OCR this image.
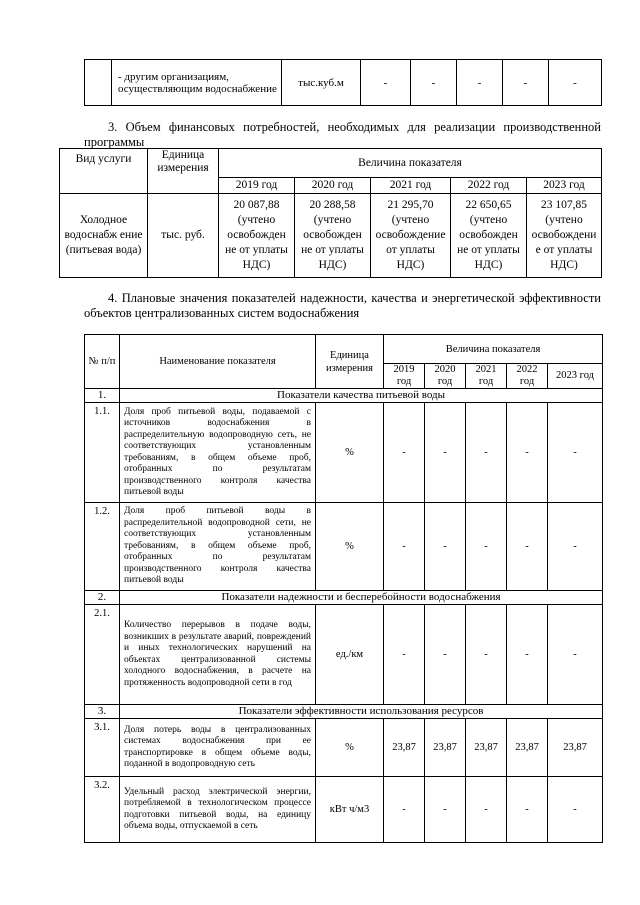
	- другим организациям, осуществляющим водоснабжение	тыс.куб.м	-	-	-	-	-
3. Объем финансовых потребностей, необходимых для реализации производственной программы
Вид услуги	Единица измерения	Величина показателя				
		2019 год	2020 год	2021 год	2022 год	2023 год
Холодное водоснабж ение (питьевая вода)	тыс. руб.	20 087,88 (учтено освобожден не от уплаты НДС)	20 288,58 (учтено освобожден не от уплаты НДС)	21 295,70 (учтено освобождение от уплаты НДС)	22 650,65 (учтено освобожден не от уплаты НДС)	23 107,85 (учтено освобождени е от уплаты НДС)
4. Плановые значения показателей надежности, качества и энергетической эффективности объектов централизованных систем водоснабжения
№ п/п	Наименование показателя	Единица измерения	Величина показателя				
			2019 год	2020 год	2021 год	2022 год	2023 год
1.	Показатели качества питьевой воды						
1.1.	Доля проб питьевой воды, подаваемой с источников водоснабжения в распределительную водопроводную сеть, не соответствующих установленным требованиям, в общем объеме проб, отобранных по результатам производственного контроля качества питьевой воды	%	-	-	-	-	-
1.2.	Доля проб питьевой воды в распределительной водопроводной сети, не соответствующих установленным требованиям, в общем объеме проб, отобранных по результатам производственного контроля качества питьевой воды	%	-	-	-	-	-
2.	Показатели надежности и бесперебойности водоснабжения						
2.1.	Количество перерывов в подаче воды, возникших в результате аварий, повреждений и иных технологических нарушений на объектах централизованной системы холодного водоснабжения, в расчете на протяженность водопроводной сети в год	ед./км	-	-	-	-	-
3.	Показатели эффективности использования ресурсов						
3.1.	Доля потерь воды в централизованных системах водоснабжения при ее транспортировке в общем объеме воды, поданной в водопроводную сеть	%	23,87	23,87	23,87	23,87	23,87
3.2.	Удельный расход электрической энергии, потребляемой в технологическом процессе подготовки питьевой воды, на единицу объема воды, отпускаемой в сеть	кВт ч/м3	-	-	-	-	-
